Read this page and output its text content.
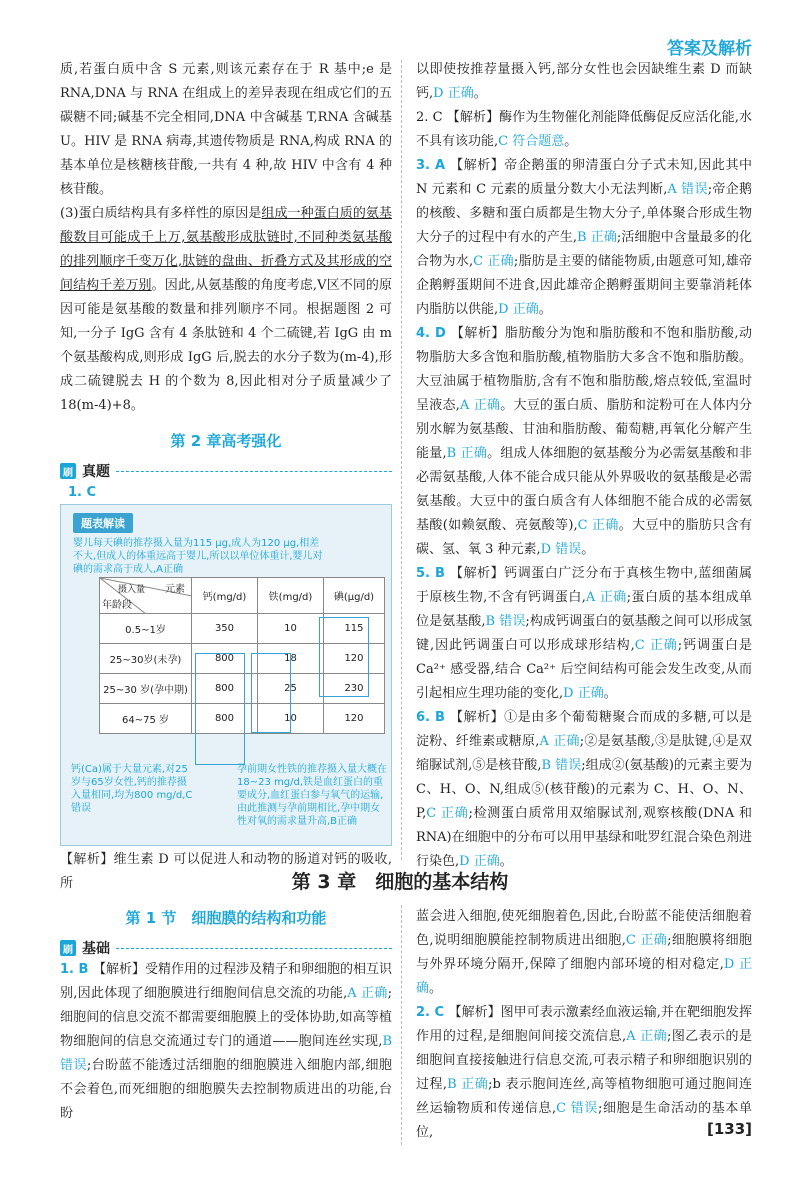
答案及解析

质,若蛋白质中含 S 元素,则该元素存在于 R 基中;e 是 RNA,DNA 与 RNA 在组成上的差异表现在组成它们的五碳糖不同;碱基不完全相同,DNA 中含碱基 T,RNA 含碱基 U。HIV 是 RNA 病毒,其遗传物质是 RNA,构成 RNA 的基本单位是核糖核苷酸,一共有 4 种,故 HIV 中含有 4 种核苷酸。

(3)蛋白质结构具有多样性的原因是组成一种蛋白质的氨基酸数目可能成千上万,氨基酸形成肽链时,不同种类氨基酸的排列顺序千变万化,肽链的盘曲、折叠方式及其形成的空间结构千差万别。因此,从氨基酸的角度考虑,Ⅴ区不同的原因可能是氨基酸的数量和排列顺序不同。根据题图 2 可知,一分子 IgG 含有 4 条肽链和 4 个二硫键,若 IgG 由 m 个氨基酸构成,则形成 IgG 后,脱去的水分子数为(m-4),形成二硫键脱去 H 的个数为 8,因此相对分子质量减少了 18(m-4)+8。

第 2 章高考强化
刷 真题
1. C
题表解读
婴儿每天碘的推荐摄入量为115 μg,成人为120 μg,相差不大,但成人的体重远高于婴儿,所以以单位体重计,婴儿对碘的需求高于成人,A正确
元素
摄入量
年龄段	钙(mg/d)	铁(mg/d)	碘(μg/d)
0.5~1岁	350	10	115
25~30岁(未孕)	800	18	120
25~30 岁(孕中期)	800	25	230
64~75 岁	800	10	120
钙(Ca)属于大量元素,对25岁与65岁女性,钙的推荐摄入量相同,均为800 mg/d,C错误
孕前期女性铁的推荐摄入量大概在18~23 mg/d,铁是血红蛋白的重要成分,血红蛋白参与氧气的运输,由此推测与孕前期相比,孕中期女性对氧的需求量升高,B正确

【解析】维生素 D 可以促进人和动物的肠道对钙的吸收,所

以即使按推荐量摄入钙,部分女性也会因缺维生素 D 而缺钙,D 正确。

2. C 【解析】酶作为生物催化剂能降低酶促反应活化能,水不具有该功能,C 符合题意。

3. A 【解析】帝企鹅蛋的卵清蛋白分子式未知,因此其中 N 元素和 C 元素的质量分数大小无法判断,A 错误;帝企鹅的核酸、多糖和蛋白质都是生物大分子,单体聚合形成生物大分子的过程中有水的产生,B 正确;活细胞中含量最多的化合物为水,C 正确;脂肪是主要的储能物质,由题意可知,雄帝企鹅孵蛋期间不进食,因此雄帝企鹅孵蛋期间主要靠消耗体内脂肪以供能,D 正确。

4. D 【解析】脂肪酸分为饱和脂肪酸和不饱和脂肪酸,动物脂肪大多含饱和脂肪酸,植物脂肪大多含不饱和脂肪酸。大豆油属于植物脂肪,含有不饱和脂肪酸,熔点较低,室温时呈液态,A 正确。大豆的蛋白质、脂肪和淀粉可在人体内分别水解为氨基酸、甘油和脂肪酸、葡萄糖,再氧化分解产生能量,B 正确。组成人体细胞的氨基酸分为必需氨基酸和非必需氨基酸,人体不能合成只能从外界吸收的氨基酸是必需氨基酸。大豆中的蛋白质含有人体细胞不能合成的必需氨基酸(如赖氨酸、亮氨酸等),C 正确。大豆中的脂肪只含有碳、氢、氧 3 种元素,D 错误。

5. B 【解析】钙调蛋白广泛分布于真核生物中,蓝细菌属于原核生物,不含有钙调蛋白,A 正确;蛋白质的基本组成单位是氨基酸,B 错误;构成钙调蛋白的氨基酸之间可以形成氢键,因此钙调蛋白可以形成球形结构,C 正确;钙调蛋白是 Ca²⁺ 感受器,结合 Ca²⁺ 后空间结构可能会发生改变,从而引起相应生理功能的变化,D 正确。

6. B 【解析】①是由多个葡萄糖聚合而成的多糖,可以是淀粉、纤维素或糖原,A 正确;②是氨基酸,③是肽键,④是双缩脲试剂,⑤是核苷酸,B 错误;组成②(氨基酸)的元素主要为 C、H、O、N,组成⑤(核苷酸)的元素为 C、H、O、N、P,C 正确;检测蛋白质常用双缩脲试剂,观察核酸(DNA 和 RNA)在细胞中的分布可以用甲基绿和吡罗红混合染色剂进行染色,D 正确。

第 3 章　细胞的基本结构
第 1 节　细胞膜的结构和功能
刷 基础

1. B 【解析】受精作用的过程涉及精子和卵细胞的相互识别,因此体现了细胞膜进行细胞间信息交流的功能,A 正确;细胞间的信息交流不都需要细胞膜上的受体协助,如高等植物细胞间的信息交流通过专门的通道——胞间连丝实现,B 错误;台盼蓝不能透过活细胞的细胞膜进入细胞内部,细胞不会着色,而死细胞的细胞膜失去控制物质进出的功能,台盼

蓝会进入细胞,使死细胞着色,因此,台盼蓝不能使活细胞着色,说明细胞膜能控制物质进出细胞,C 正确;细胞膜将细胞与外界环境分隔开,保障了细胞内部环境的相对稳定,D 正确。

2. C 【解析】图甲可表示激素经血液运输,并在靶细胞发挥作用的过程,是细胞间间接交流信息,A 正确;图乙表示的是细胞间直接接触进行信息交流,可表示精子和卵细胞识别的过程,B 正确;b 表示胞间连丝,高等植物细胞可通过胞间连丝运输物质和传递信息,C 错误;细胞是生命活动的基本单位,	[133]
